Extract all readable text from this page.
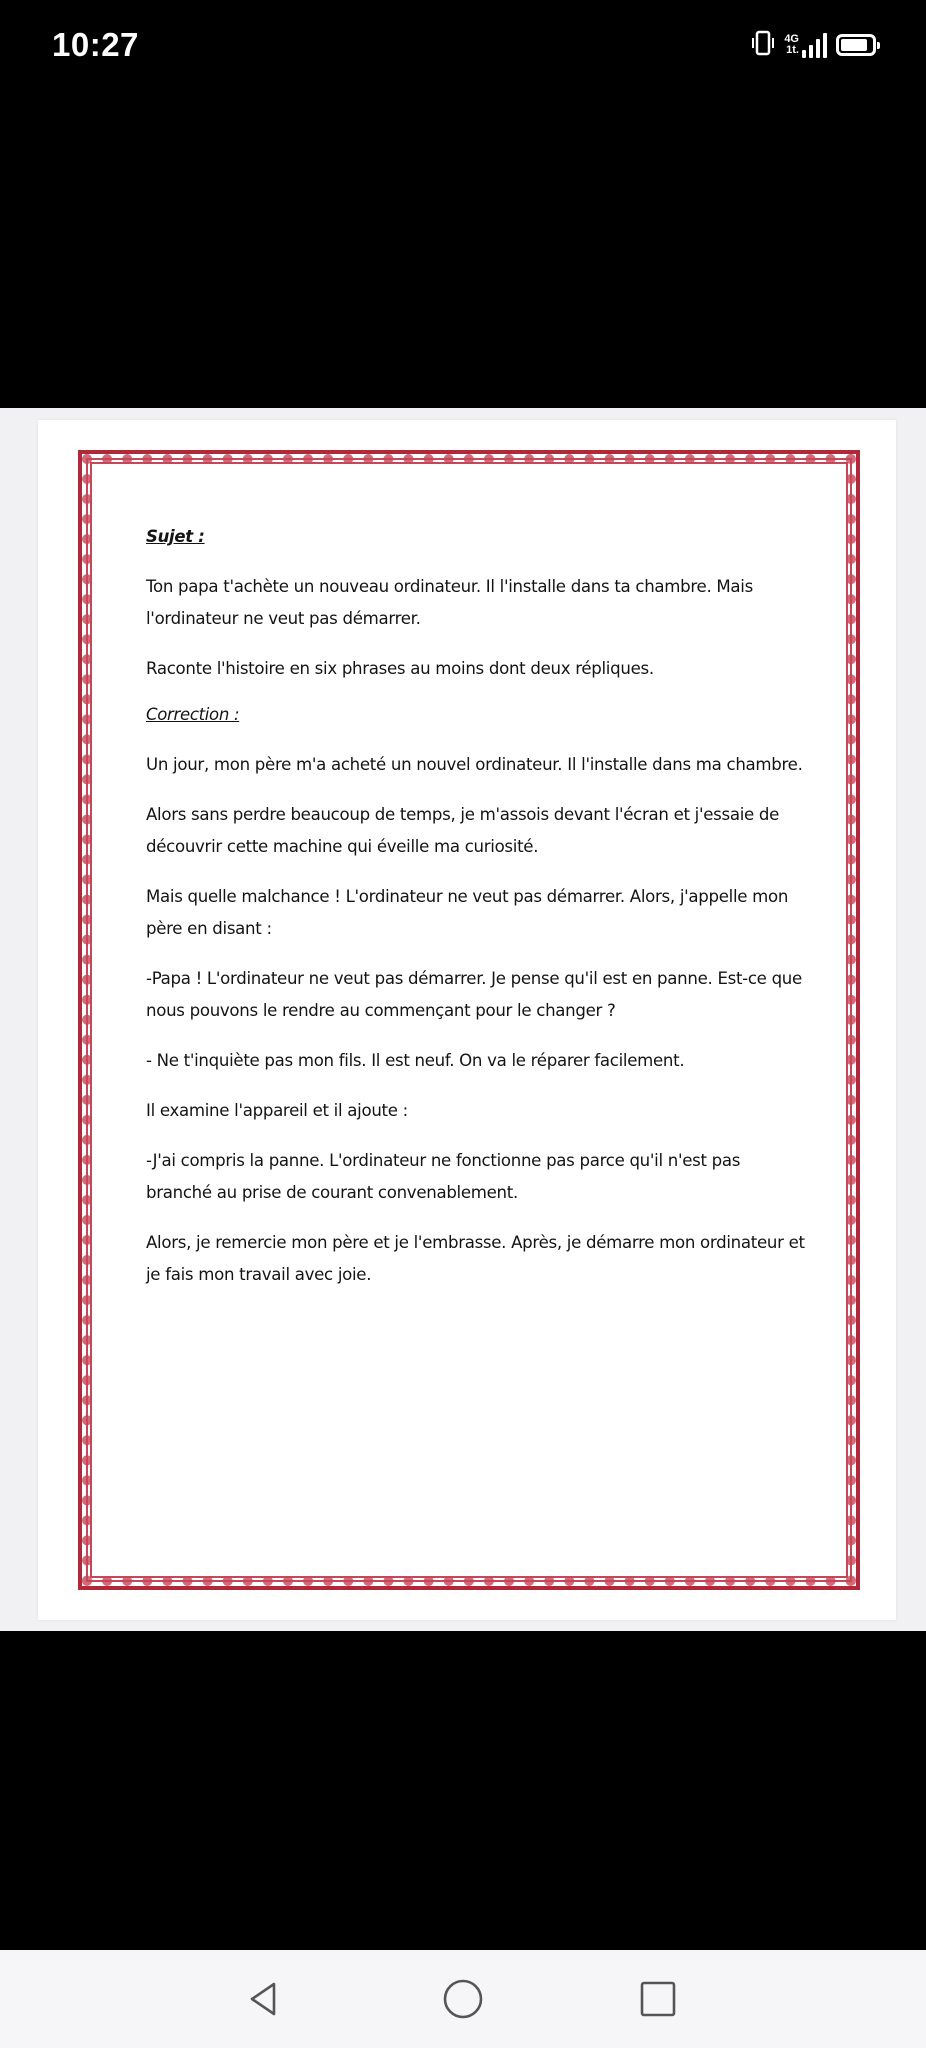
10:27	4G
1t.

Sujet :

Ton papa t'achète un nouveau ordinateur. Il l'installe dans ta chambre. Mais l'ordinateur ne veut pas démarrer.

Raconte l'histoire en six phrases au moins dont deux répliques.

Correction :

Un jour, mon père m'a acheté un nouvel ordinateur. Il l'installe dans ma chambre.

Alors sans perdre beaucoup de temps, je m'assois devant l'écran et j'essaie de découvrir cette machine qui éveille ma curiosité.

Mais quelle malchance ! L'ordinateur ne veut pas démarrer. Alors, j'appelle mon père en disant :

-Papa ! L'ordinateur ne veut pas démarrer. Je pense qu'il est en panne. Est-ce que nous pouvons le rendre au commençant pour le changer ?

- Ne t'inquiète pas mon fils. Il est neuf. On va le réparer facilement.

Il examine l'appareil et il ajoute :

-J'ai compris la panne. L'ordinateur ne fonctionne pas parce qu'il n'est pas branché au prise de courant convenablement.

Alors, je remercie mon père et je l'embrasse. Après, je démarre mon ordinateur et je fais mon travail avec joie.
